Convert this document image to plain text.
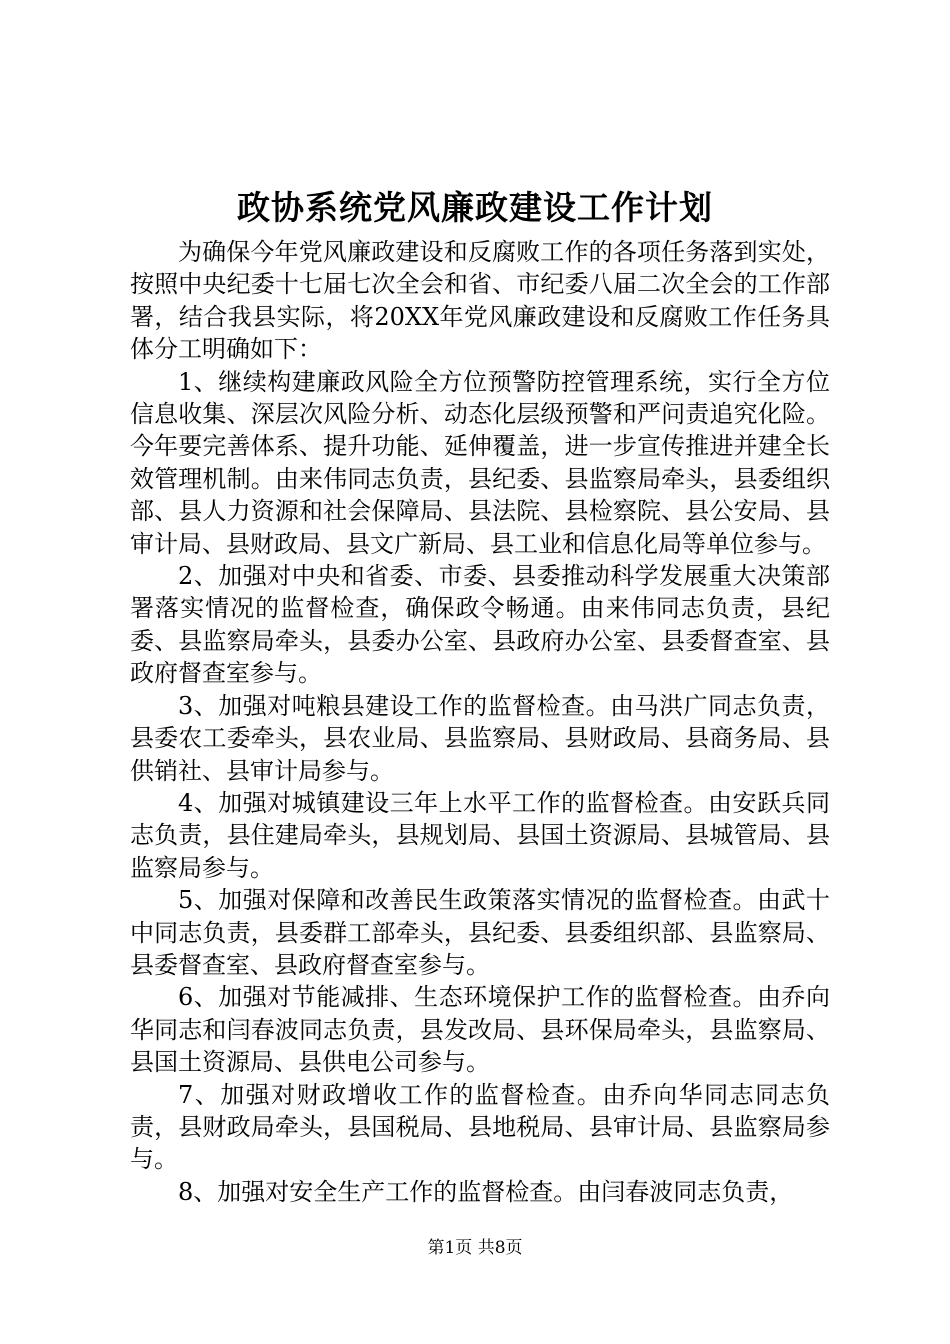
政协系统党风廉政建设工作计划

为确保今年党风廉政建设和反腐败工作的各项任务落到实处，按照中央纪委十七届七次全会和省、市纪委八届二次全会的工作部署，结合我县实际，将20XX年党风廉政建设和反腐败工作任务具体分工明确如下：

1、继续构建廉政风险全方位预警防控管理系统，实行全方位信息收集、深层次风险分析、动态化层级预警和严问责追究化险。今年要完善体系、提升功能、延伸覆盖，进一步宣传推进并建全长效管理机制。由来伟同志负责，县纪委、县监察局牵头，县委组织部、县人力资源和社会保障局、县法院、县检察院、县公安局、县审计局、县财政局、县文广新局、县工业和信息化局等单位参与。

2、加强对中央和省委、市委、县委推动科学发展重大决策部署落实情况的监督检查，确保政令畅通。由来伟同志负责，县纪委、县监察局牵头，县委办公室、县政府办公室、县委督查室、县政府督查室参与。

3、加强对吨粮县建设工作的监督检查。由马洪广同志负责，县委农工委牵头，县农业局、县监察局、县财政局、县商务局、县供销社、县审计局参与。

4、加强对城镇建设三年上水平工作的监督检查。由安跃兵同志负责，县住建局牵头，县规划局、县国土资源局、县城管局、县监察局参与。

5、加强对保障和改善民生政策落实情况的监督检查。由武十中同志负责，县委群工部牵头，县纪委、县委组织部、县监察局、县委督查室、县政府督查室参与。

6、加强对节能减排、生态环境保护工作的监督检查。由乔向华同志和闫春波同志负责，县发改局、县环保局牵头，县监察局、县国土资源局、县供电公司参与。

7、加强对财政增收工作的监督检查。由乔向华同志同志负责，县财政局牵头，县国税局、县地税局、县审计局、县监察局参与。

8、加强对安全生产工作的监督检查。由闫春波同志负责，

第1页 共8页
